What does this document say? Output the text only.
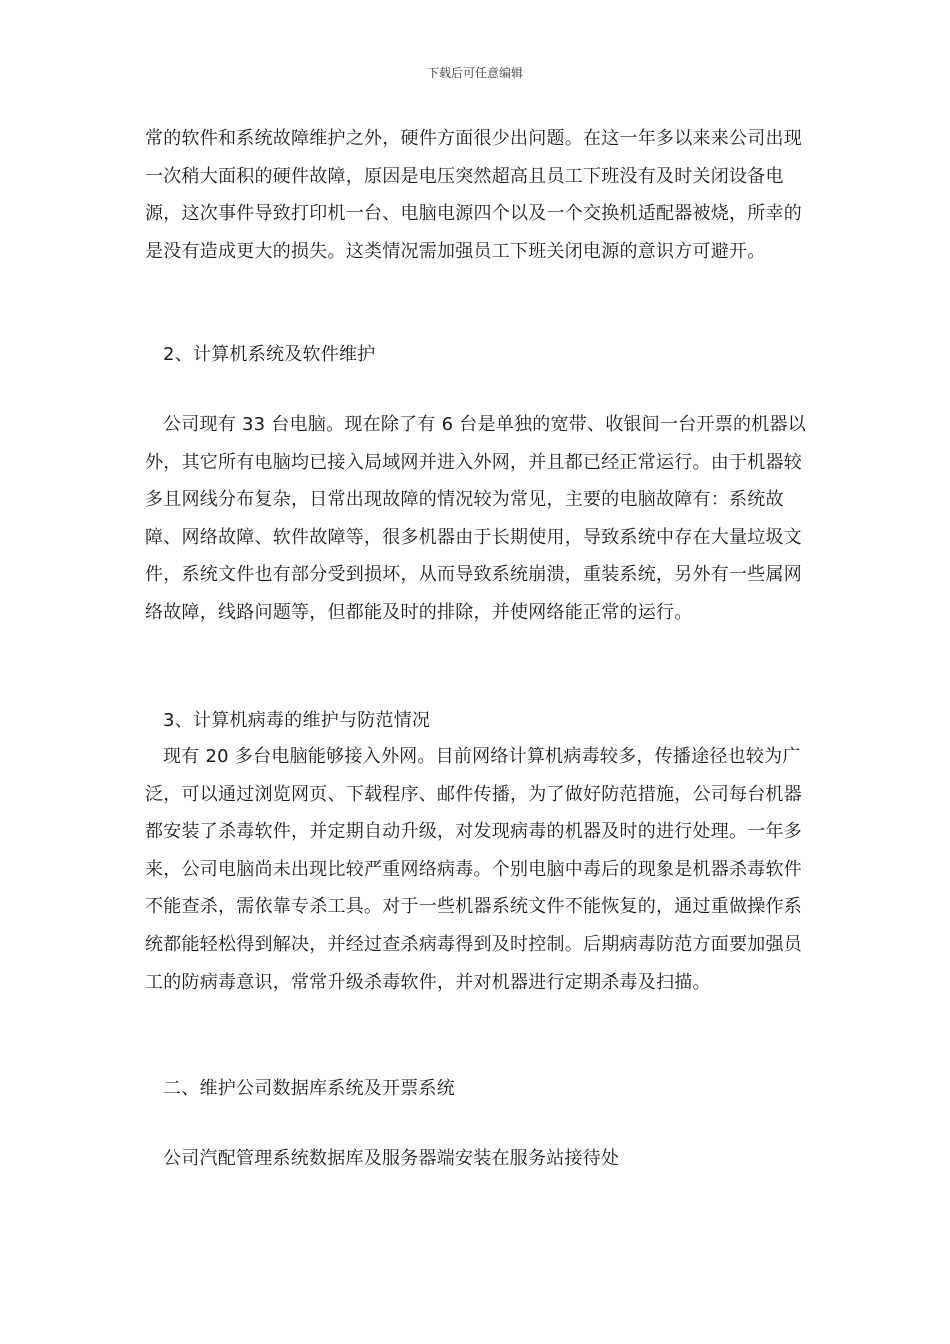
下载后可任意编辑

常的软件和系统故障维护之外，硬件方面很少出问题。在这一年多以来来公司出现一次稍大面积的硬件故障，原因是电压突然超高且员工下班没有及时关闭设备电源，这次事件导致打印机一台、电脑电源四个以及一个交换机适配器被烧，所幸的是没有造成更大的损失。这类情况需加强员工下班关闭电源的意识方可避开。

2、计算机系统及软件维护

公司现有 33 台电脑。现在除了有 6 台是单独的宽带、收银间一台开票的机器以外，其它所有电脑均已接入局域网并进入外网，并且都已经正常运行。由于机器较多且网线分布复杂，日常出现故障的情况较为常见，主要的电脑故障有：系统故障、网络故障、软件故障等，很多机器由于长期使用，导致系统中存在大量垃圾文件，系统文件也有部分受到损坏，从而导致系统崩溃，重装系统，另外有一些属网络故障，线路问题等，但都能及时的排除，并使网络能正常的运行。

3、计算机病毒的维护与防范情况

现有 20 多台电脑能够接入外网。目前网络计算机病毒较多，传播途径也较为广泛，可以通过浏览网页、下载程序、邮件传播，为了做好防范措施，公司每台机器都安装了杀毒软件，并定期自动升级，对发现病毒的机器及时的进行处理。一年多来，公司电脑尚未出现比较严重网络病毒。个别电脑中毒后的现象是机器杀毒软件不能查杀，需依靠专杀工具。对于一些机器系统文件不能恢复的，通过重做操作系统都能轻松得到解决，并经过查杀病毒得到及时控制。后期病毒防范方面要加强员工的防病毒意识，常常升级杀毒软件，并对机器进行定期杀毒及扫描。

二、维护公司数据库系统及开票系统

公司汽配管理系统数据库及服务器端安装在服务站接待处
